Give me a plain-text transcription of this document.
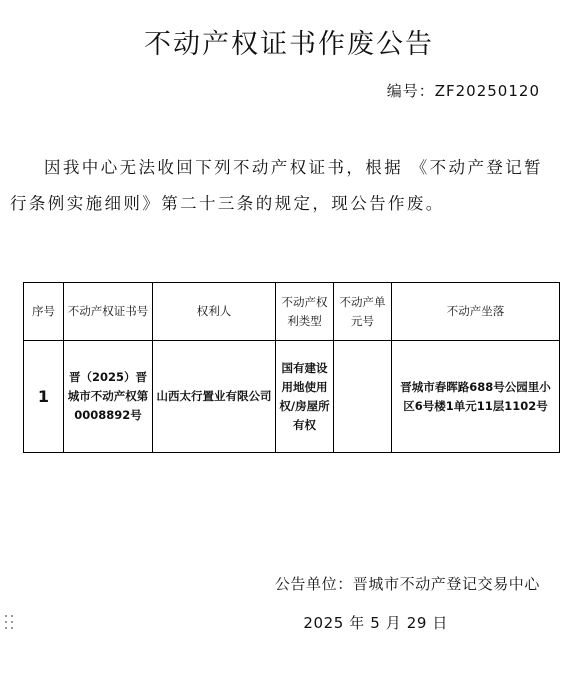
不动产权证书作废公告
编号：ZF20250120

因我中心无法收回下列不动产权证书，根据 《不动产登记暂行条例实施细则》第二十三条的规定，现公告作废。

序号	不动产权证书号	权利人	不动产权利类型	不动产单元号	不动产坐落
1	晋（2025）晋城市不动产权第0008892号	山西太行置业有限公司	国有建设用地使用权/房屋所有权		晋城市春晖路688号公园里小区6号楼1单元11层1102号
公告单位：晋城市不动产登记交易中心
2025 年 5 月 29 日
